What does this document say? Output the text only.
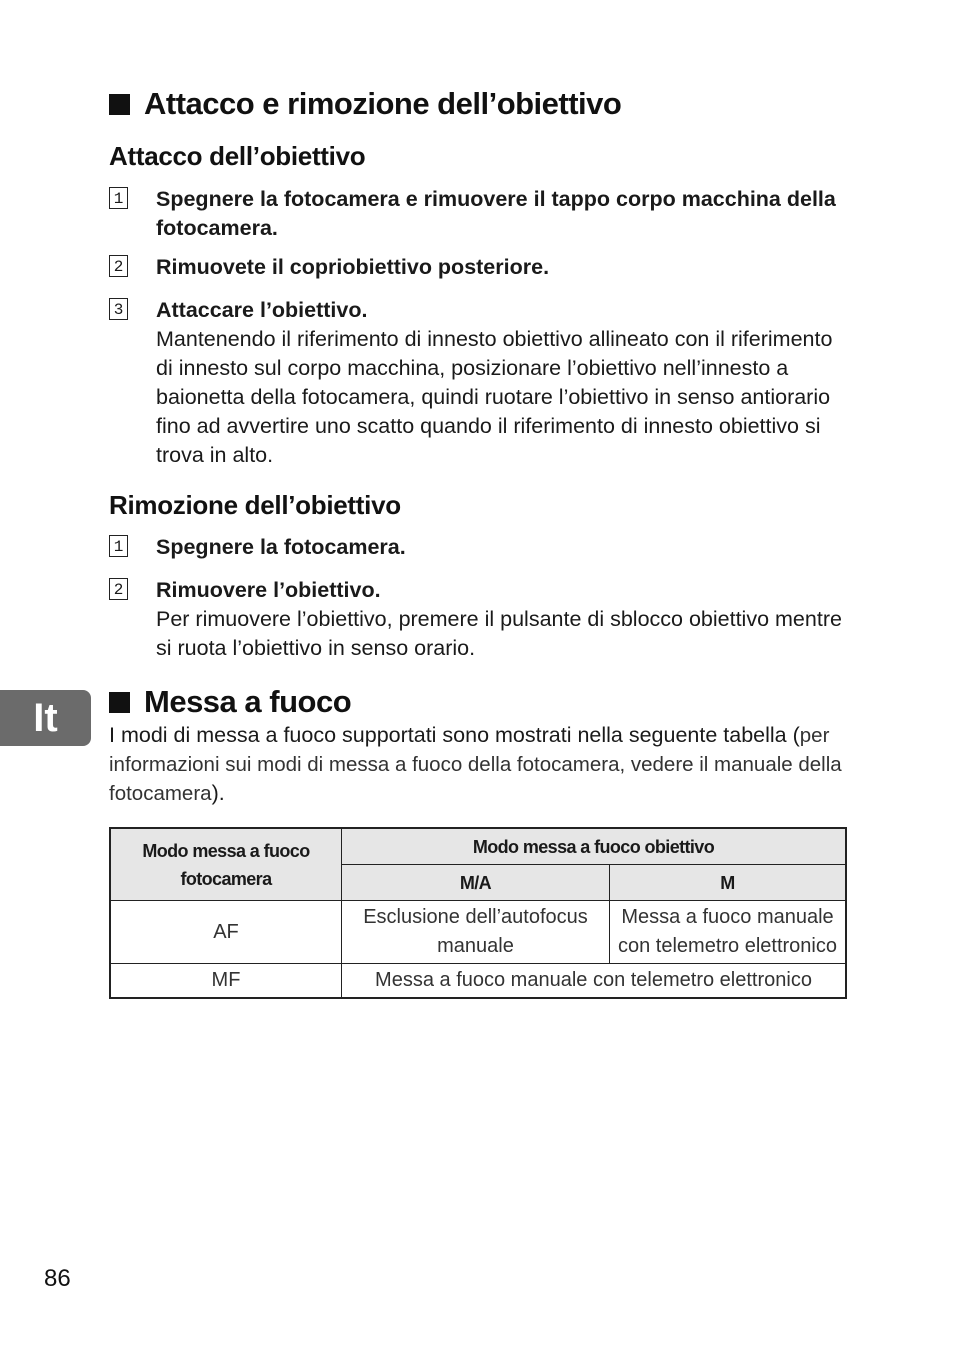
Attacco e rimozione dell’obiettivo
Attacco dell’obiettivo
1 Spegnere la fotocamera e rimuovere il tappo corpo macchina della fotocamera.
2 Rimuovete il copriobiettivo posteriore.
3 Attaccare l’obiettivo.
Mantenendo il riferimento di innesto obiettivo allineato con il riferimento di innesto sul corpo macchina, posizionare l’obiettivo nell’innesto a baionetta della fotocamera, quindi ruotare l’obiettivo in senso antiorario fino ad avvertire uno scatto quando il riferimento di innesto obiettivo si trova in alto.
Rimozione dell’obiettivo
1 Spegnere la fotocamera.
2 Rimuovere l’obiettivo.
Per rimuovere l’obiettivo, premere il pulsante di sblocco obiettivo mentre si ruota l’obiettivo in senso orario.
Messa a fuoco
I modi di messa a fuoco supportati sono mostrati nella seguente tabella (per informazioni sui modi di messa a fuoco della fotocamera, vedere il manuale della fotocamera).
Modo messa a fuoco fotocamera	Modo messa a fuoco obiettivo	
	M/A	M
AF	Esclusione dell’autofocus manuale	Messa a fuoco manuale con telemetro elettronico
MF	Messa a fuoco manuale con telemetro elettronico	
It
86
